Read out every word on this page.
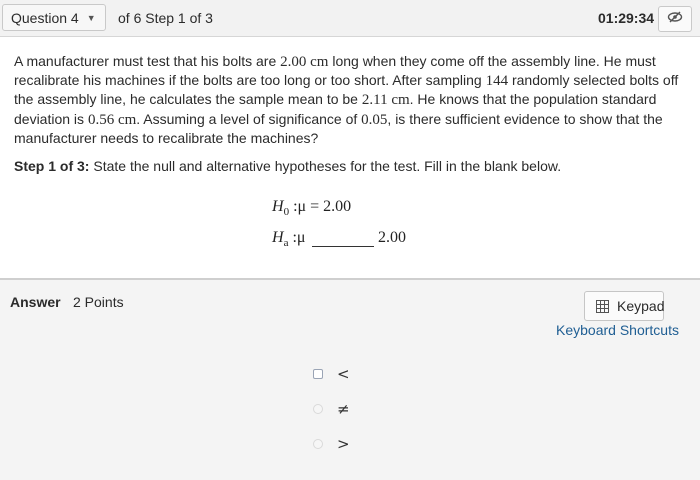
Question 4 ▼ of 6 Step 1 of 3	01:29:34
A manufacturer must test that his bolts are 2.00 cm long when they come off the assembly line. He must recalibrate his machines if the bolts are too long or too short. After sampling 144 randomly selected bolts off the assembly line, he calculates the sample mean to be 2.11 cm. He knows that the population standard deviation is 0.56 cm. Assuming a level of significance of 0.05, is there sufficient evidence to show that the manufacturer needs to recalibrate the machines?
Step 1 of 3: State the null and alternative hypotheses for the test. Fill in the blank below.
$H_0$ :μ = 2.00
$H_a$ :μ	2.00
Answer 2 Points	Keypad
Keyboard Shortcuts
<
≠
>
